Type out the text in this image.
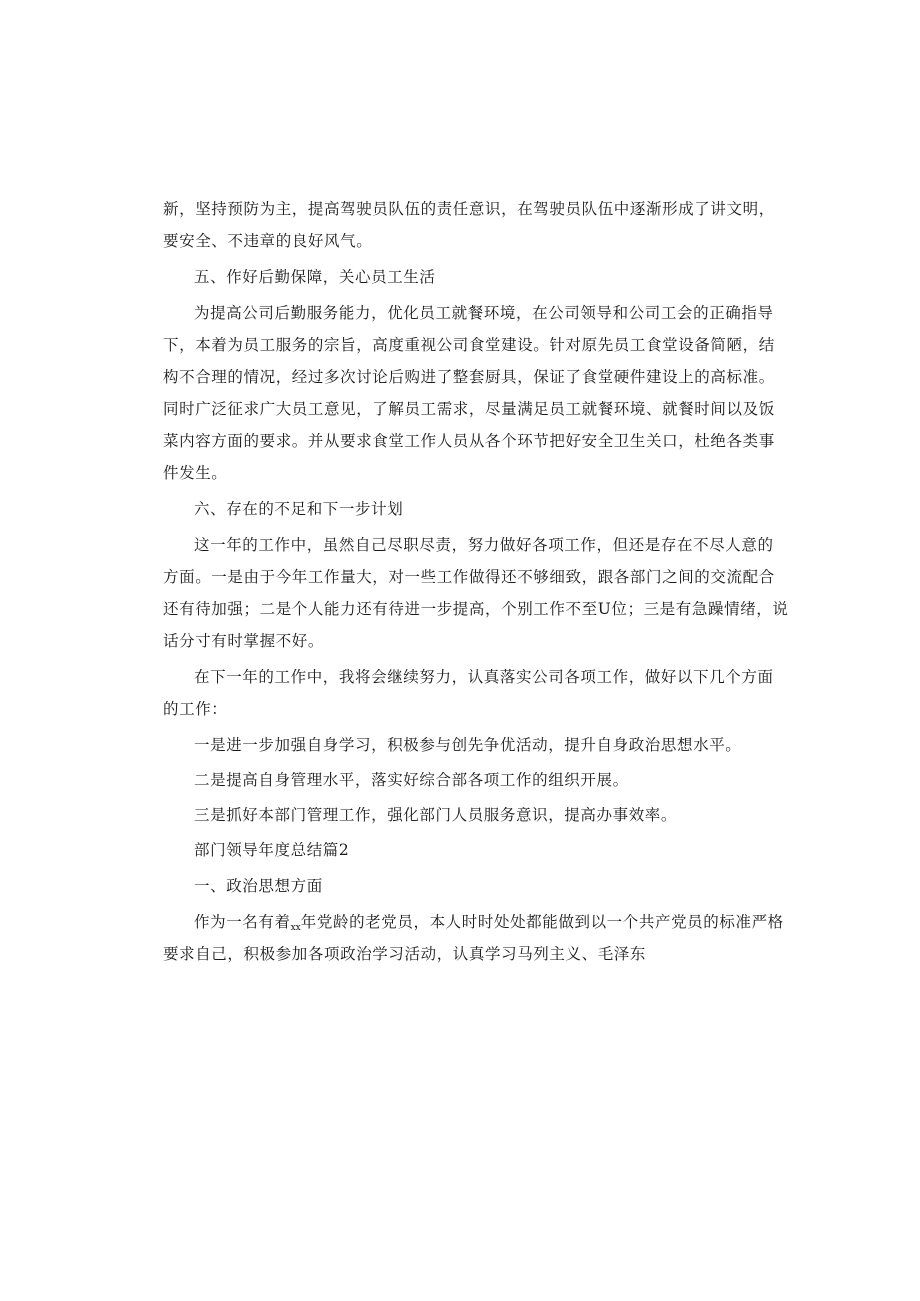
新，坚持预防为主，提高驾驶员队伍的责任意识，在驾驶员队伍中逐渐形成了讲文明，
要安全、不违章的良好风气。
五、作好后勤保障，关心员工生活
为提高公司后勤服务能力，优化员工就餐环境，在公司领导和公司工会的正确指导
下，本着为员工服务的宗旨，高度重视公司食堂建设。针对原先员工食堂设备简陋，结
构不合理的情况，经过多次讨论后购进了整套厨具，保证了食堂硬件建设上的高标准。
同时广泛征求广大员工意见，了解员工需求，尽量满足员工就餐环境、就餐时间以及饭
菜内容方面的要求。并从要求食堂工作人员从各个环节把好安全卫生关口，杜绝各类事
件发生。
六、存在的不足和下一步计划
这一年的工作中，虽然自己尽职尽责，努力做好各项工作，但还是存在不尽人意的
方面。一是由于今年工作量大，对一些工作做得还不够细致，跟各部门之间的交流配合
还有待加强；二是个人能力还有待进一步提高，个别工作不至U位；三是有急躁情绪，说
话分寸有时掌握不好。
在下一年的工作中，我将会继续努力，认真落实公司各项工作，做好以下几个方面
的工作：
一是进一步加强自身学习，积极参与创先争优活动，提升自身政治思想水平。
二是提高自身管理水平，落实好综合部各项工作的组织开展。
三是抓好本部门管理工作，强化部门人员服务意识，提高办事效率。
部门领导年度总结篇2
一、政治思想方面
作为一名有着$_{xx}$年党龄的老党员，本人时时处处都能做到以一个共产党员的标准严格
要求自己，积极参加各项政治学习活动，认真学习马列主义、毛泽东
